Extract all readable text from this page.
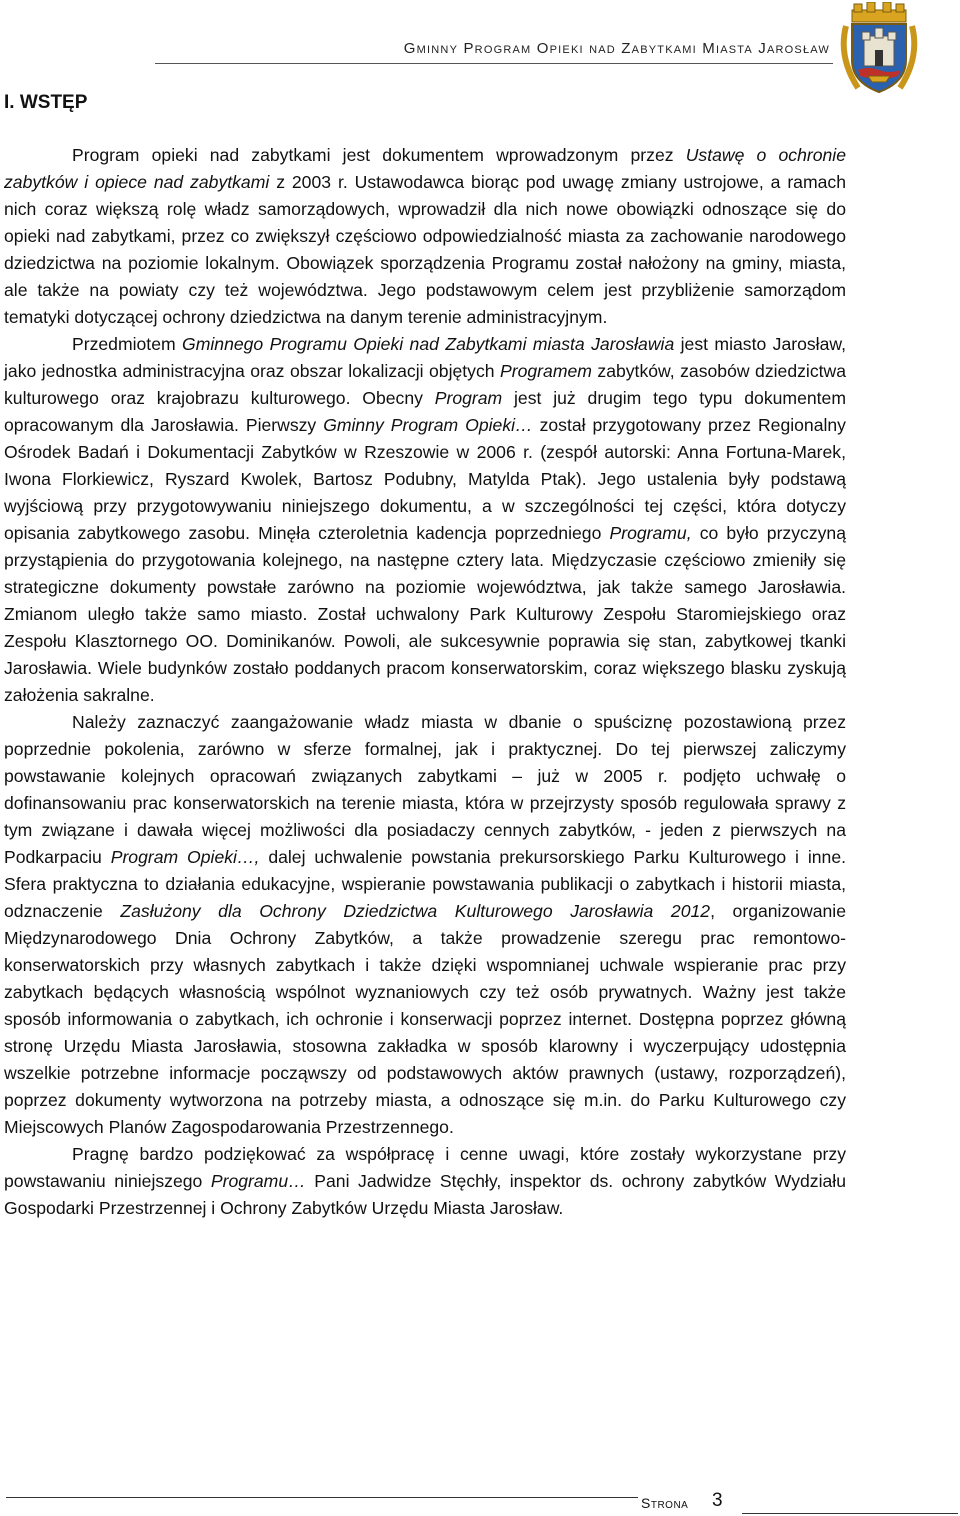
Gminny Program Opieki nad Zabytkami Miasta Jarosław
I. WSTĘP

Program opieki nad zabytkami jest dokumentem wprowadzonym przez Ustawę o ochronie zabytków i opiece nad zabytkami z 2003 r. Ustawodawca biorąc pod uwagę zmiany ustrojowe, a ramach nich coraz większą rolę władz samorządowych, wprowadził dla nich nowe obowiązki odnoszące się do opieki nad zabytkami, przez co zwiększył częściowo odpowiedzialność miasta za zachowanie narodowego dziedzictwa na poziomie lokalnym. Obowiązek sporządzenia Programu został nałożony na gminy, miasta, ale także na powiaty czy też województwa. Jego podstawowym celem jest przybliżenie samorządom tematyki dotyczącej ochrony dziedzictwa na danym terenie administracyjnym.

Przedmiotem Gminnego Programu Opieki nad Zabytkami miasta Jarosławia jest miasto Jarosław, jako jednostka administracyjna oraz obszar lokalizacji objętych Programem zabytków, zasobów dziedzictwa kulturowego oraz krajobrazu kulturowego. Obecny Program jest już drugim tego typu dokumentem opracowanym dla Jarosławia. Pierwszy Gminny Program Opieki… został przygotowany przez Regionalny Ośrodek Badań i Dokumentacji Zabytków w Rzeszowie w 2006 r. (zespół autorski: Anna Fortuna-Marek, Iwona Florkiewicz, Ryszard Kwolek, Bartosz Podubny, Matylda Ptak). Jego ustalenia były podstawą wyjściową przy przygotowywaniu niniejszego dokumentu, a w szczególności tej części, która dotyczy opisania zabytkowego zasobu. Minęła czteroletnia kadencja poprzedniego Programu, co było przyczyną przystąpienia do przygotowania kolejnego, na następne cztery lata. Międzyczasie częściowo zmieniły się strategiczne dokumenty powstałe zarówno na poziomie województwa, jak także samego Jarosławia. Zmianom uległo także samo miasto. Został uchwalony Park Kulturowy Zespołu Staromiejskiego oraz Zespołu Klasztornego OO. Dominikanów. Powoli, ale sukcesywnie poprawia się stan, zabytkowej tkanki Jarosławia. Wiele budynków zostało poddanych pracom konserwatorskim, coraz większego blasku zyskują założenia sakralne.

Należy zaznaczyć zaangażowanie władz miasta w dbanie o spuściznę pozostawioną przez poprzednie pokolenia, zarówno w sferze formalnej, jak i praktycznej. Do tej pierwszej zaliczymy powstawanie kolejnych opracowań związanych zabytkami – już w 2005 r. podjęto uchwałę o dofinansowaniu prac konserwatorskich na terenie miasta, która w przejrzysty sposób regulowała sprawy z tym związane i dawała więcej możliwości dla posiadaczy cennych zabytków, - jeden z pierwszych na Podkarpaciu Program Opieki…, dalej uchwalenie powstania prekursorskiego Parku Kulturowego i inne. Sfera praktyczna to działania edukacyjne, wspieranie powstawania publikacji o zabytkach i historii miasta, odznaczenie Zasłużony dla Ochrony Dziedzictwa Kulturowego Jarosławia 2012, organizowanie Międzynarodowego Dnia Ochrony Zabytków, a także prowadzenie szeregu prac remontowo-konserwatorskich przy własnych zabytkach i także dzięki wspomnianej uchwale wspieranie prac przy zabytkach będących własnością wspólnot wyznaniowych czy też osób prywatnych. Ważny jest także sposób informowania o zabytkach, ich ochronie i konserwacji poprzez internet. Dostępna poprzez główną stronę Urzędu Miasta Jarosławia, stosowna zakładka w sposób klarowny i wyczerpujący udostępnia wszelkie potrzebne informacje począwszy od podstawowych aktów prawnych (ustawy, rozporządzeń), poprzez dokumenty wytworzona na potrzeby miasta, a odnoszące się m.in. do Parku Kulturowego czy Miejscowych Planów Zagospodarowania Przestrzennego.

Pragnę bardzo podziękować za współpracę i cenne uwagi, które zostały wykorzystane przy powstawaniu niniejszego Programu… Pani Jadwidze Stęchły, inspektor ds. ochrony zabytków Wydziału Gospodarki Przestrzennej i Ochrony Zabytków Urzędu Miasta Jarosław.

Strona 3
